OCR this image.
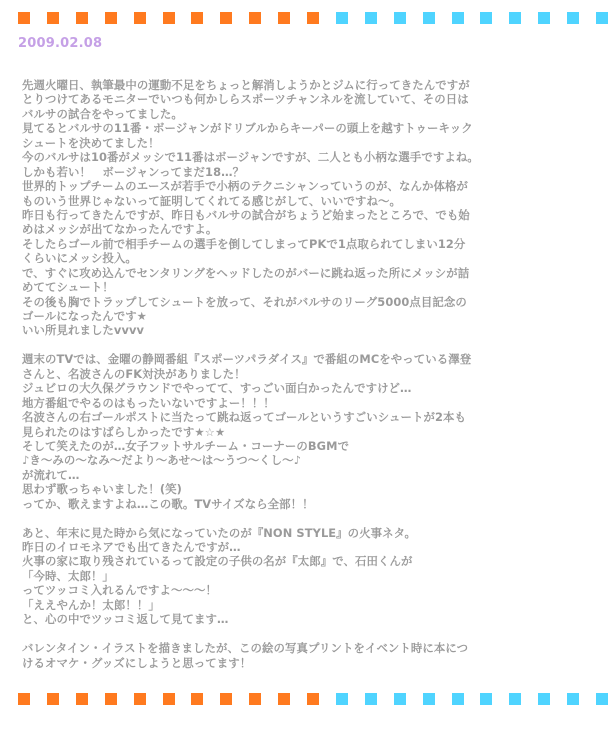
2009.02.08
先週火曜日、執筆最中の運動不足をちょっと解消しようかとジムに行ってきたんですが
とりつけてあるモニターでいつも何かしらスポーツチャンネルを流していて、その日は
バルサの試合をやってました。
見てるとバルサの11番・ボージャンがドリブルからキーパーの頭上を越すトゥーキック
シュートを決めてました！
今のバルサは10番がメッシで11番はボージャンですが、二人とも小柄な選手ですよね。
しかも若い！　ボージャンってまだ18…？
世界的トップチームのエースが若手で小柄のテクニシャンっていうのが、なんか体格が
ものいう世界じゃないって証明してくれてる感じがして、いいですね～。
昨日も行ってきたんですが、昨日もバルサの試合がちょうど始まったところで、でも始
めはメッシが出てなかったんですよ。
そしたらゴール前で相手チームの選手を倒してしまってPKで1点取られてしまい12分
くらいにメッシ投入。
で、すぐに攻め込んでセンタリングをヘッドしたのがバーに跳ね返った所にメッシが詰
めててシュート！
その後も胸でトラップしてシュートを放って、それがバルサのリーグ5000点目記念の
ゴールになったんです★
いい所見れましたvvvv
週末のTVでは、金曜の静岡番組『スポーツパラダイス』で番組のMCをやっている澤登
さんと、名波さんのFK対決がありました！
ジュビロの大久保グラウンドでやってて、すっごい面白かったんですけど…
地方番組でやるのはもったいないですよー！！！
名波さんの右ゴールポストに当たって跳ね返ってゴールというすごいシュートが2本も
見られたのはすばらしかったです★☆★
そして笑えたのが…女子フットサルチーム・コーナーのBGMで
♪き～みの～なみ～だより～あせ～は～うつ～くし～♪
が流れて…
思わず歌っちゃいました！(笑)
ってか、歌えますよね…この歌。TVサイズなら全部！！
あと、年末に見た時から気になっていたのが『NON STYLE』の火事ネタ。
昨日のイロモネアでも出てきたんですが…
火事の家に取り残されているって設定の子供の名が『太郎』で、石田くんが
「今時、太郎！」
ってツッコミ入れるんですよ～～～！
「ええやんか！太郎！！」
と、心の中でツッコミ返して見てます…
バレンタイン・イラストを描きましたが、この絵の写真プリントをイベント時に本につ
けるオマケ・グッズにしようと思ってます！
